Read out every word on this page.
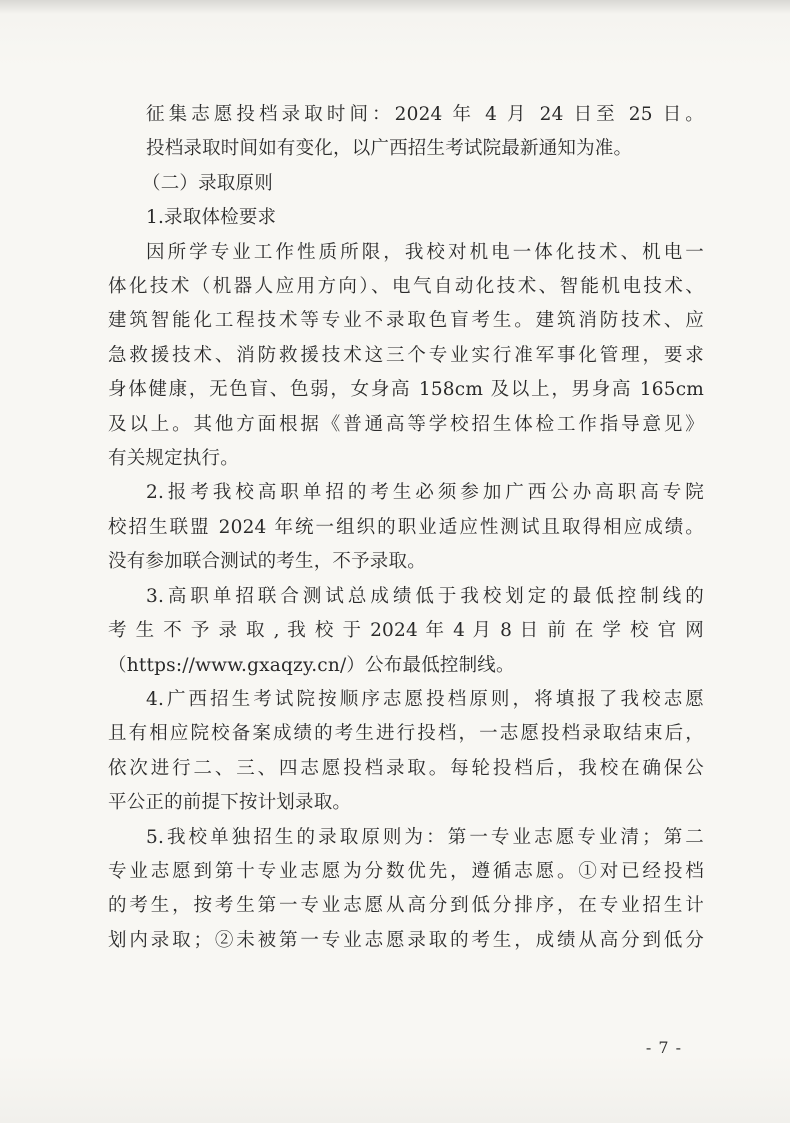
征集志愿投档录取时间：2024 年 4 月 24 日至 25 日。
投档录取时间如有变化，以广西招生考试院最新通知为准。
（二）录取原则
1.录取体检要求
因所学专业工作性质所限，我校对机电一体化技术、机电一
体化技术（机器人应用方向）、电气自动化技术、智能机电技术、
建筑智能化工程技术等专业不录取色盲考生。建筑消防技术、应
急救援技术、消防救援技术这三个专业实行准军事化管理，要求
身体健康，无色盲、色弱，女身高 158cm 及以上，男身高 165cm
及以上。其他方面根据《普通高等学校招生体检工作指导意见》
有关规定执行。
2.报考我校高职单招的考生必须参加广西公办高职高专院
校招生联盟 2024 年统一组织的职业适应性测试且取得相应成绩。
没有参加联合测试的考生，不予录取。
3.高职单招联合测试总成绩低于我校划定的最低控制线的
考 生 不 予 录 取 , 我 校 于 2024 年 4 月 8 日 前 在 学 校 官 网
（https://www.gxaqzy.cn/）公布最低控制线。
4.广西招生考试院按顺序志愿投档原则，将填报了我校志愿
且有相应院校备案成绩的考生进行投档，一志愿投档录取结束后，
依次进行二、三、四志愿投档录取。每轮投档后，我校在确保公
平公正的前提下按计划录取。
5.我校单独招生的录取原则为：第一专业志愿专业清；第二
专业志愿到第十专业志愿为分数优先，遵循志愿。①对已经投档
的考生，按考生第一专业志愿从高分到低分排序，在专业招生计
划内录取；②未被第一专业志愿录取的考生，成绩从高分到低分
- 7 -
